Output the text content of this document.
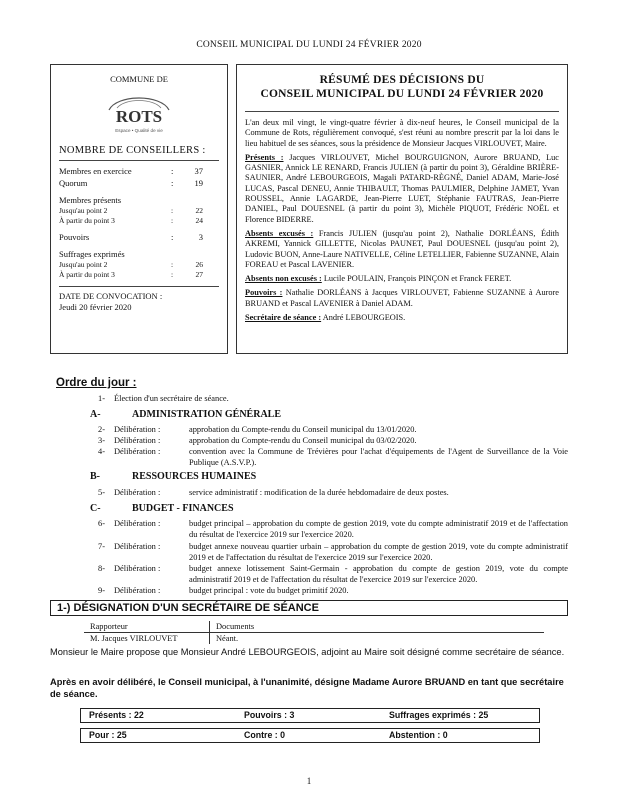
CONSEIL MUNICIPAL DU LUNDI 24 FÉVRIER 2020
COMMUNE DE
ROTS
Espace • Qualité de vie
NOMBRE DE CONSEILLERS :
Membres en exercice	:	37
Quorum	:	19
Membres présents
Jusqu'au point 2	:	22
À partir du point 3	:	24
Pouvoirs	:	3
Suffrages exprimés
Jusqu'au point 2	:	26
À partir du point 3	:	27
DATE DE CONVOCATION :
Jeudi 20 février 2020
RÉSUMÉ DES DÉCISIONS DU
CONSEIL MUNICIPAL DU LUNDI 24 FÉVRIER 2020

L'an deux mil vingt, le vingt-quatre février à dix-neuf heures, le Conseil municipal de la Commune de Rots, régulièrement convoqué, s'est réuni au nombre prescrit par la loi dans le lieu habituel de ses séances, sous la présidence de Monsieur Jacques VIRLOUVET, Maire.

Présents : Jacques VIRLOUVET, Michel BOURGUIGNON, Aurore BRUAND, Luc GASNIER, Annick LE RENARD, Francis JULIEN (à partir du point 3), Géraldine BRIÈRE-SAUNIER, André LEBOURGEOIS, Magali PATARD-RÈGNÉ, Daniel ADAM, Marie-José LUCAS, Pascal DENEU, Annie THIBAULT, Thomas PAULMIER, Delphine JAMET, Yvan ROUSSEL, Annie LAGARDE, Jean-Pierre LUET, Stéphanie FAUTRAS, Jean-Pierre DANIEL, Paul DOUESNEL (à partir du point 3), Michèle PIQUOT, Frédéric NOËL et Florence BIDERRE.

Absents excusés : Francis JULIEN (jusqu'au point 2), Nathalie DORLÉANS, Édith AKREMI, Yannick GILLETTE, Nicolas PAUNET, Paul DOUESNEL (jusqu'au point 2), Ludovic BUON, Anne-Laure NATIVELLE, Céline LETELLIER, Fabienne SUZANNE, Alain FOREAU et Pascal LAVENIER.

Absents non excusés : Lucile POULAIN, François PINÇON et Franck FERET.

Pouvoirs : Nathalie DORLÉANS à Jacques VIRLOUVET, Fabienne SUZANNE à Aurore BRUAND et Pascal LAVENIER à Daniel ADAM.

Secrétaire de séance : André LEBOURGEOIS.

Ordre du jour :
1-	Élection d'un secrétaire de séance.
A-	ADMINISTRATION GÉNÉRALE
2-	Délibération :	approbation du Compte-rendu du Conseil municipal du 13/01/2020.
3-	Délibération :	approbation du Compte-rendu du Conseil municipal du 03/02/2020.
4-	Délibération :	convention avec la Commune de Trévières pour l'achat d'équipements de l'Agent de Surveillance de la Voie Publique (A.S.V.P.).
B-	RESSOURCES HUMAINES
5-	Délibération :	service administratif : modification de la durée hebdomadaire de deux postes.
C-	BUDGET - FINANCES
6-	Délibération :	budget principal – approbation du compte de gestion 2019, vote du compte administratif 2019 et de l'affectation du résultat de l'exercice 2019 sur l'exercice 2020.
7-	Délibération :	budget annexe nouveau quartier urbain – approbation du compte de gestion 2019, vote du compte administratif 2019 et de l'affectation du résultat de l'exercice 2019 sur l'exercice 2020.
8-	Délibération :	budget annexe lotissement Saint-Germain - approbation du compte de gestion 2019, vote du compte administratif 2019 et de l'affectation du résultat de l'exercice 2019 sur l'exercice 2020.
9-	Délibération :	budget principal : vote du budget primitif 2020.
1-) DÉSIGNATION D'UN SECRÉTAIRE DE SÉANCE
Rapporteur	Documents
M. Jacques VIRLOUVET	Néant.

Monsieur le Maire propose que Monsieur André LEBOURGEOIS, adjoint au Maire soit désigné comme secrétaire de séance.

Après en avoir délibéré, le Conseil municipal, à l'unanimité, désigne Madame Aurore BRUAND en tant que secrétaire de séance.

Présents : 22	Pouvoirs : 3	Suffrages exprimés : 25
Pour : 25	Contre : 0	Abstention : 0
1
